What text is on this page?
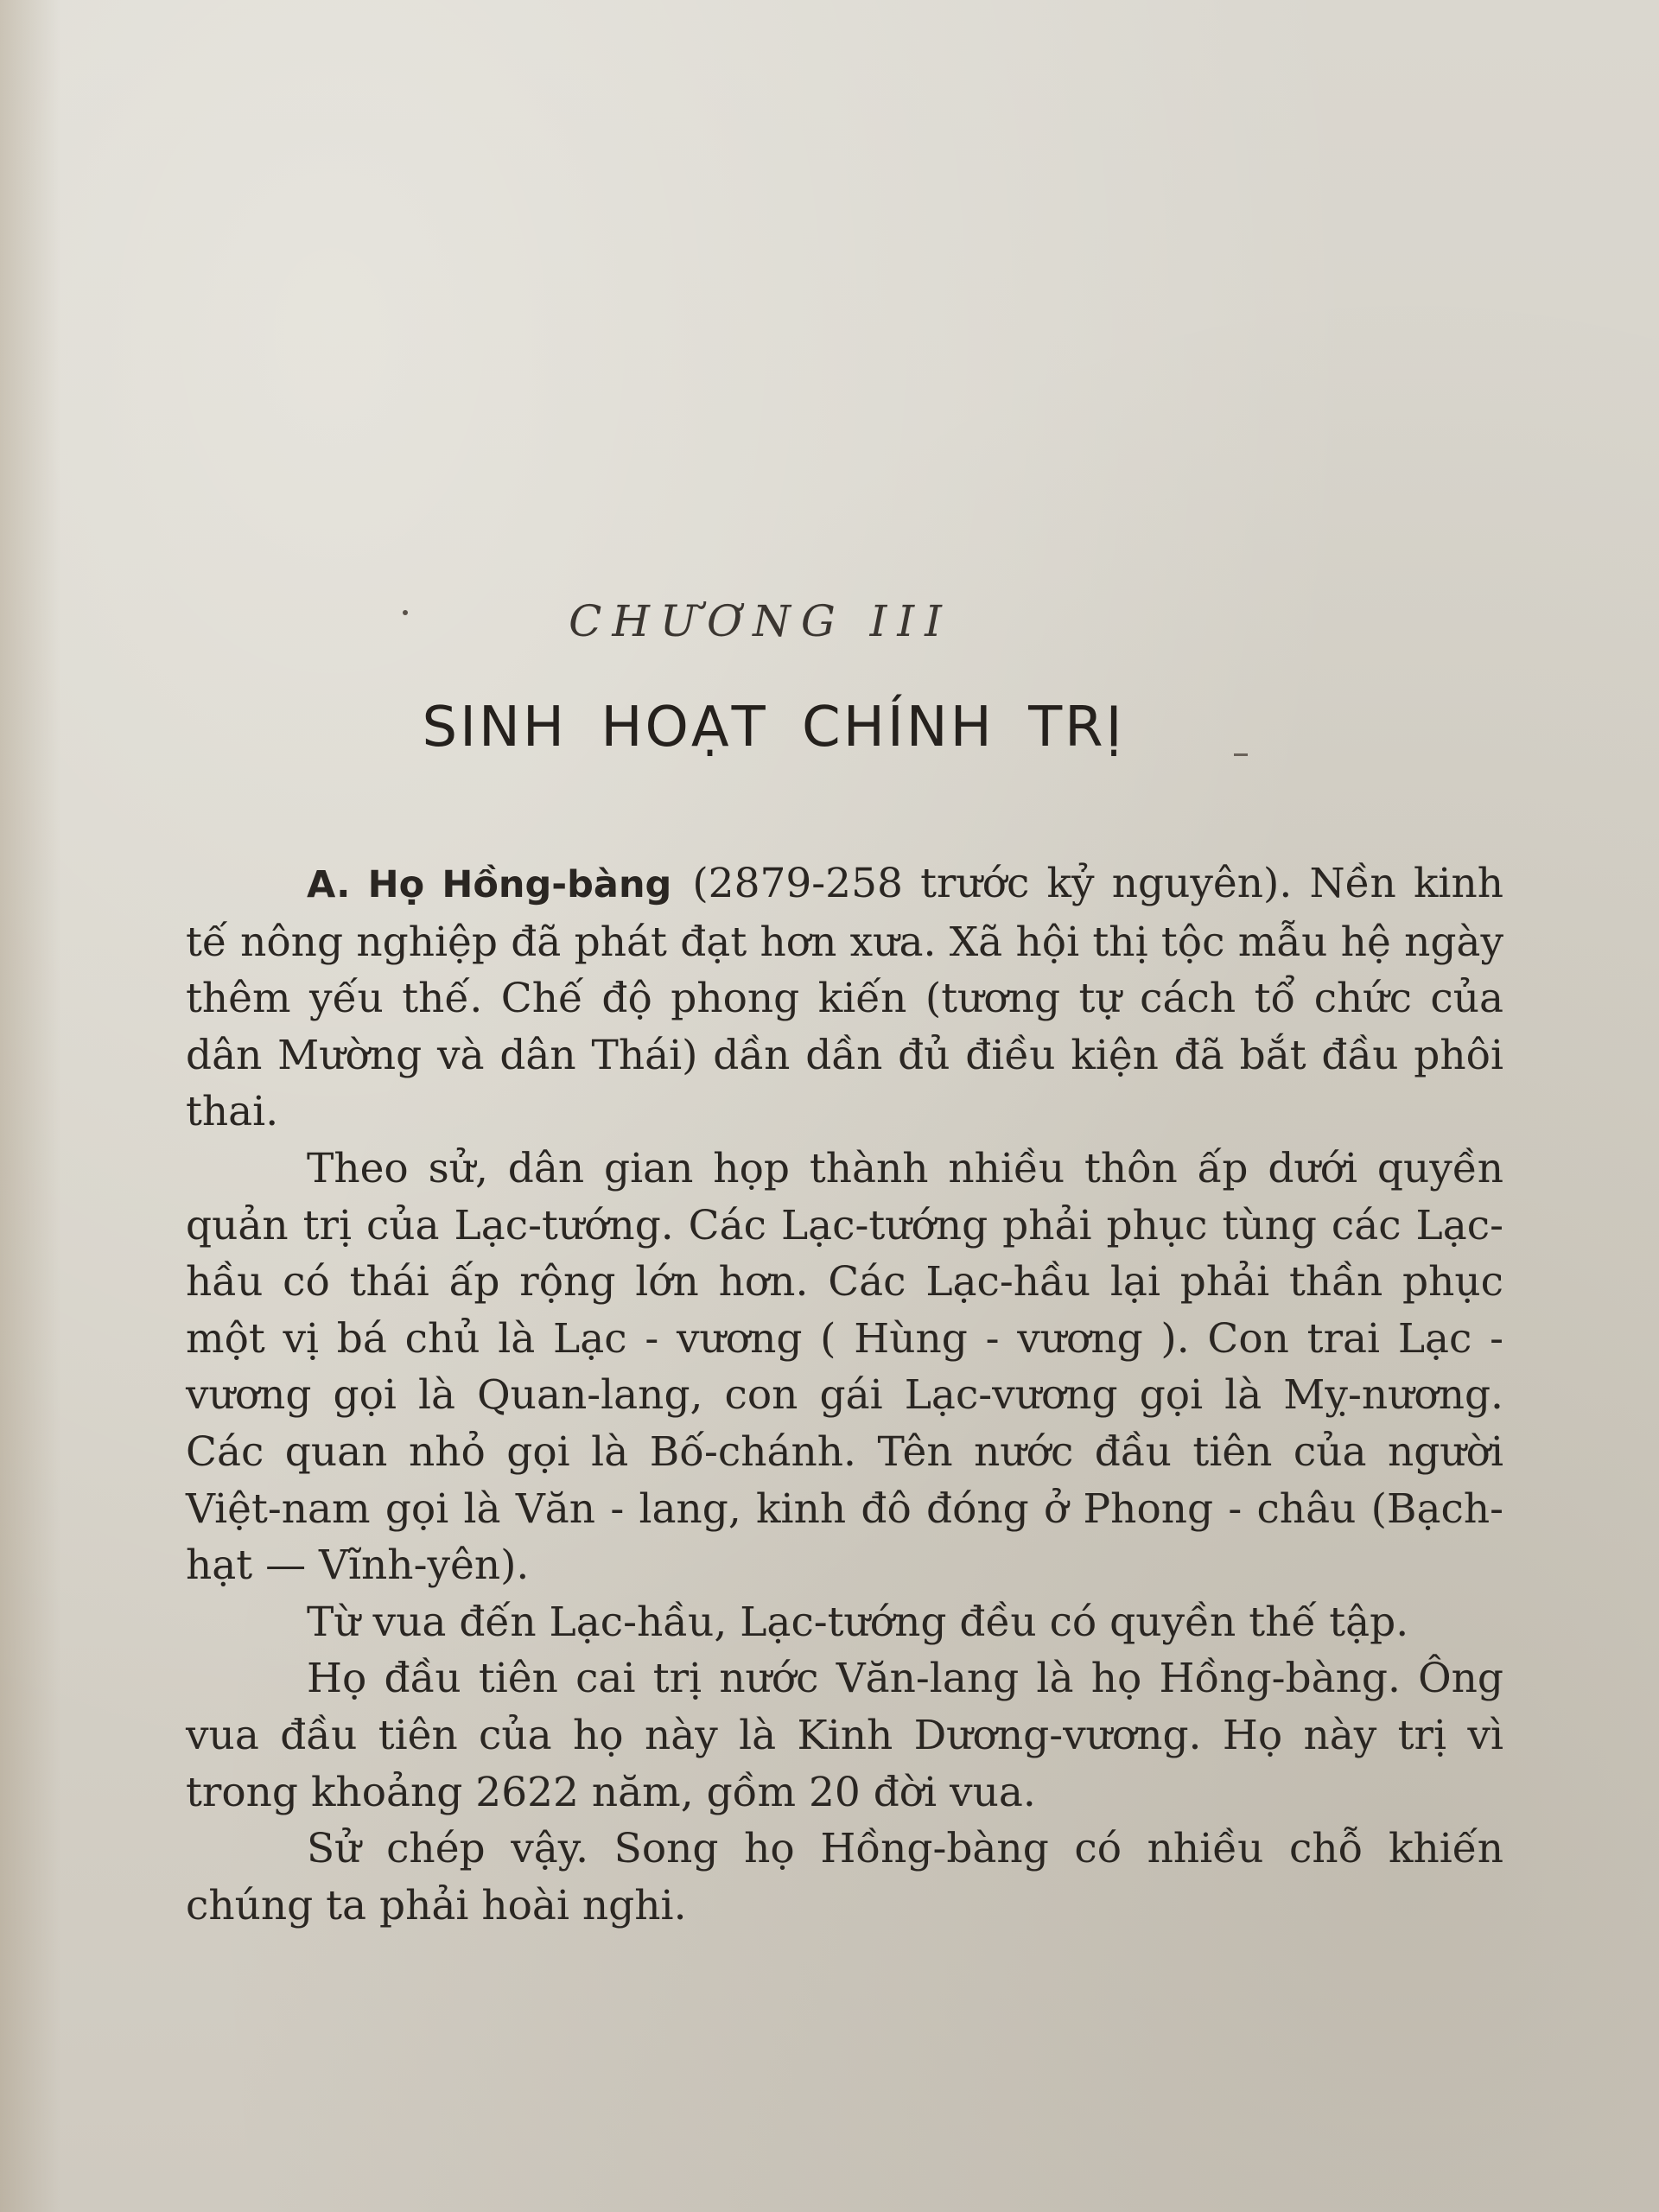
CHƯƠNG III
SINH HOẠT CHÍNH TRỊ

A. Họ Hồng-bàng (2879-258 trước kỷ nguyên). Nền kinh tế nông nghiệp đã phát đạt hơn xưa. Xã hội thị tộc mẫu hệ ngày thêm yếu thế. Chế độ phong kiến (tương tự cách tổ chức của dân Mường và dân Thái) dần dần đủ điều kiện đã bắt đầu phôi thai.

Theo sử, dân gian họp thành nhiều thôn ấp dưới quyền quản trị của Lạc-tướng. Các Lạc-tướng phải phục tùng các Lạc-hầu có thái ấp rộng lớn hơn. Các Lạc-hầu lại phải thần phục một vị bá chủ là Lạc - vương ( Hùng - vương ). Con trai Lạc - vương gọi là Quan-lang, con gái Lạc-vương gọi là Mỵ-nương. Các quan nhỏ gọi là Bố-chánh. Tên nước đầu tiên của người Việt-nam gọi là Văn - lang, kinh đô đóng ở Phong - châu (Bạch-hạt — Vĩnh-yên).

Từ vua đến Lạc-hầu, Lạc-tướng đều có quyền thế tập.

Họ đầu tiên cai trị nước Văn-lang là họ Hồng-bàng. Ông vua đầu tiên của họ này là Kinh Dương-vương. Họ này trị vì trong khoảng 2622 năm, gồm 20 đời vua.

Sử chép vậy. Song họ Hồng-bàng có nhiều chỗ khiến chúng ta phải hoài nghi.
